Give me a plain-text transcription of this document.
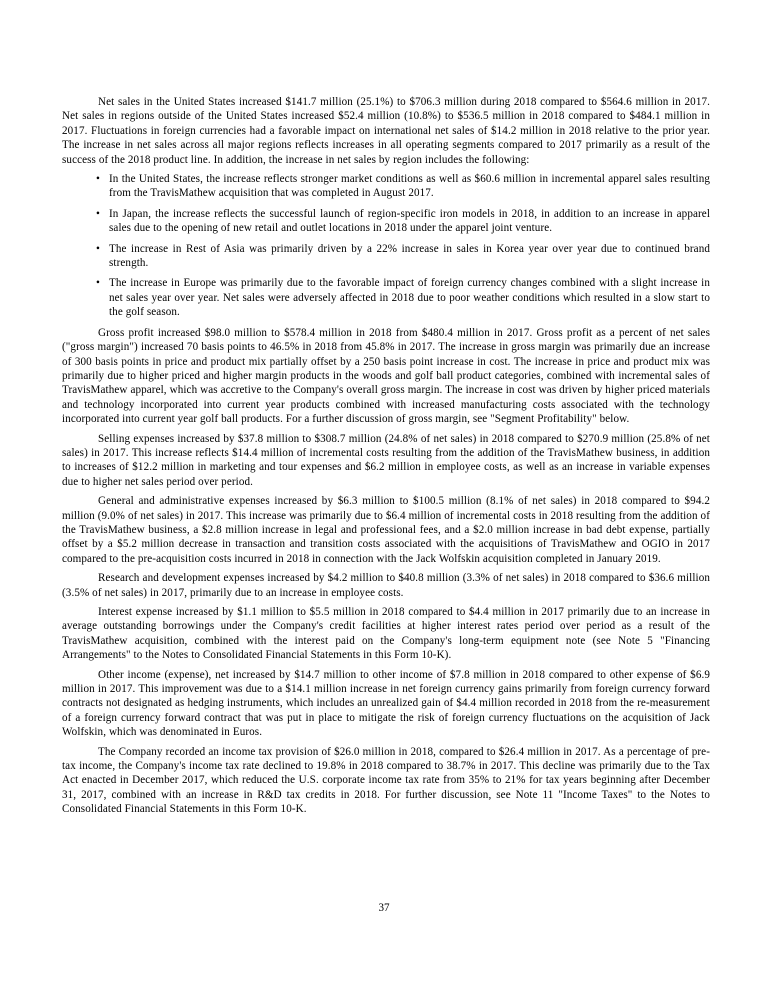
Net sales in the United States increased $141.7 million (25.1%) to $706.3 million during 2018 compared to $564.6 million in 2017. Net sales in regions outside of the United States increased $52.4 million (10.8%) to $536.5 million in 2018 compared to $484.1 million in 2017. Fluctuations in foreign currencies had a favorable impact on international net sales of $14.2 million in 2018 relative to the prior year. The increase in net sales across all major regions reflects increases in all operating segments compared to 2017 primarily as a result of the success of the 2018 product line. In addition, the increase in net sales by region includes the following:

• In the United States, the increase reflects stronger market conditions as well as $60.6 million in incremental apparel sales resulting from the TravisMathew acquisition that was completed in August 2017.
• In Japan, the increase reflects the successful launch of region-specific iron models in 2018, in addition to an increase in apparel sales due to the opening of new retail and outlet locations in 2018 under the apparel joint venture.
• The increase in Rest of Asia was primarily driven by a 22% increase in sales in Korea year over year due to continued brand strength.
• The increase in Europe was primarily due to the favorable impact of foreign currency changes combined with a slight increase in net sales year over year. Net sales were adversely affected in 2018 due to poor weather conditions which resulted in a slow start to the golf season.

Gross profit increased $98.0 million to $578.4 million in 2018 from $480.4 million in 2017. Gross profit as a percent of net sales ("gross margin") increased 70 basis points to 46.5% in 2018 from 45.8% in 2017. The increase in gross margin was primarily due an increase of 300 basis points in price and product mix partially offset by a 250 basis point increase in cost. The increase in price and product mix was primarily due to higher priced and higher margin products in the woods and golf ball product categories, combined with incremental sales of TravisMathew apparel, which was accretive to the Company's overall gross margin. The increase in cost was driven by higher priced materials and technology incorporated into current year products combined with increased manufacturing costs associated with the technology incorporated into current year golf ball products. For a further discussion of gross margin, see "Segment Profitability" below.

Selling expenses increased by $37.8 million to $308.7 million (24.8% of net sales) in 2018 compared to $270.9 million (25.8% of net sales) in 2017. This increase reflects $14.4 million of incremental costs resulting from the addition of the TravisMathew business, in addition to increases of $12.2 million in marketing and tour expenses and $6.2 million in employee costs, as well as an increase in variable expenses due to higher net sales period over period.

General and administrative expenses increased by $6.3 million to $100.5 million (8.1% of net sales) in 2018 compared to $94.2 million (9.0% of net sales) in 2017. This increase was primarily due to $6.4 million of incremental costs in 2018 resulting from the addition of the TravisMathew business, a $2.8 million increase in legal and professional fees, and a $2.0 million increase in bad debt expense, partially offset by a $5.2 million decrease in transaction and transition costs associated with the acquisitions of TravisMathew and OGIO in 2017 compared to the pre-acquisition costs incurred in 2018 in connection with the Jack Wolfskin acquisition completed in January 2019.

Research and development expenses increased by $4.2 million to $40.8 million (3.3% of net sales) in 2018 compared to $36.6 million (3.5% of net sales) in 2017, primarily due to an increase in employee costs.

Interest expense increased by $1.1 million to $5.5 million in 2018 compared to $4.4 million in 2017 primarily due to an increase in average outstanding borrowings under the Company's credit facilities at higher interest rates period over period as a result of the TravisMathew acquisition, combined with the interest paid on the Company's long-term equipment note (see Note 5 "Financing Arrangements" to the Notes to Consolidated Financial Statements in this Form 10-K).

Other income (expense), net increased by $14.7 million to other income of $7.8 million in 2018 compared to other expense of $6.9 million in 2017. This improvement was due to a $14.1 million increase in net foreign currency gains primarily from foreign currency forward contracts not designated as hedging instruments, which includes an unrealized gain of $4.4 million recorded in 2018 from the re-measurement of a foreign currency forward contract that was put in place to mitigate the risk of foreign currency fluctuations on the acquisition of Jack Wolfskin, which was denominated in Euros.

The Company recorded an income tax provision of $26.0 million in 2018, compared to $26.4 million in 2017. As a percentage of pre-tax income, the Company's income tax rate declined to 19.8% in 2018 compared to 38.7% in 2017. This decline was primarily due to the Tax Act enacted in December 2017, which reduced the U.S. corporate income tax rate from 35% to 21% for tax years beginning after December 31, 2017, combined with an increase in R&D tax credits in 2018. For further discussion, see Note 11 "Income Taxes" to the Notes to Consolidated Financial Statements in this Form 10-K.

37
